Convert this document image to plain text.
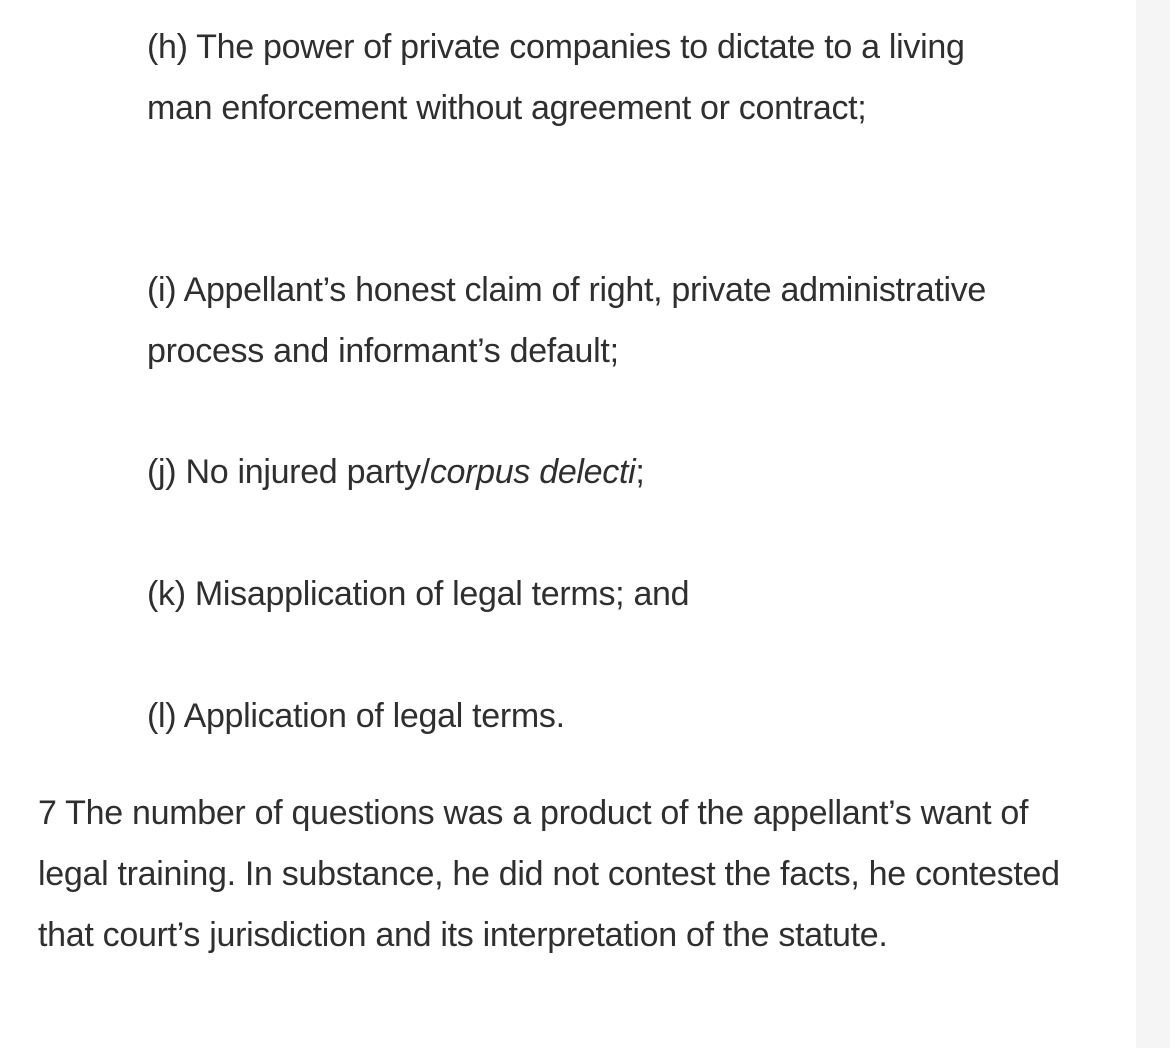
(h) The power of private companies to dictate to a living man enforcement without agreement or contract;

(i) Appellant’s honest claim of right, private administrative process and informant’s default;

(j) No injured party/corpus delecti;

(k) Misapplication of legal terms; and

(l) Application of legal terms.

7 The number of questions was a product of the appellant’s want of legal training. In substance, he did not contest the facts, he contested that court’s jurisdiction and its interpretation of the statute.
